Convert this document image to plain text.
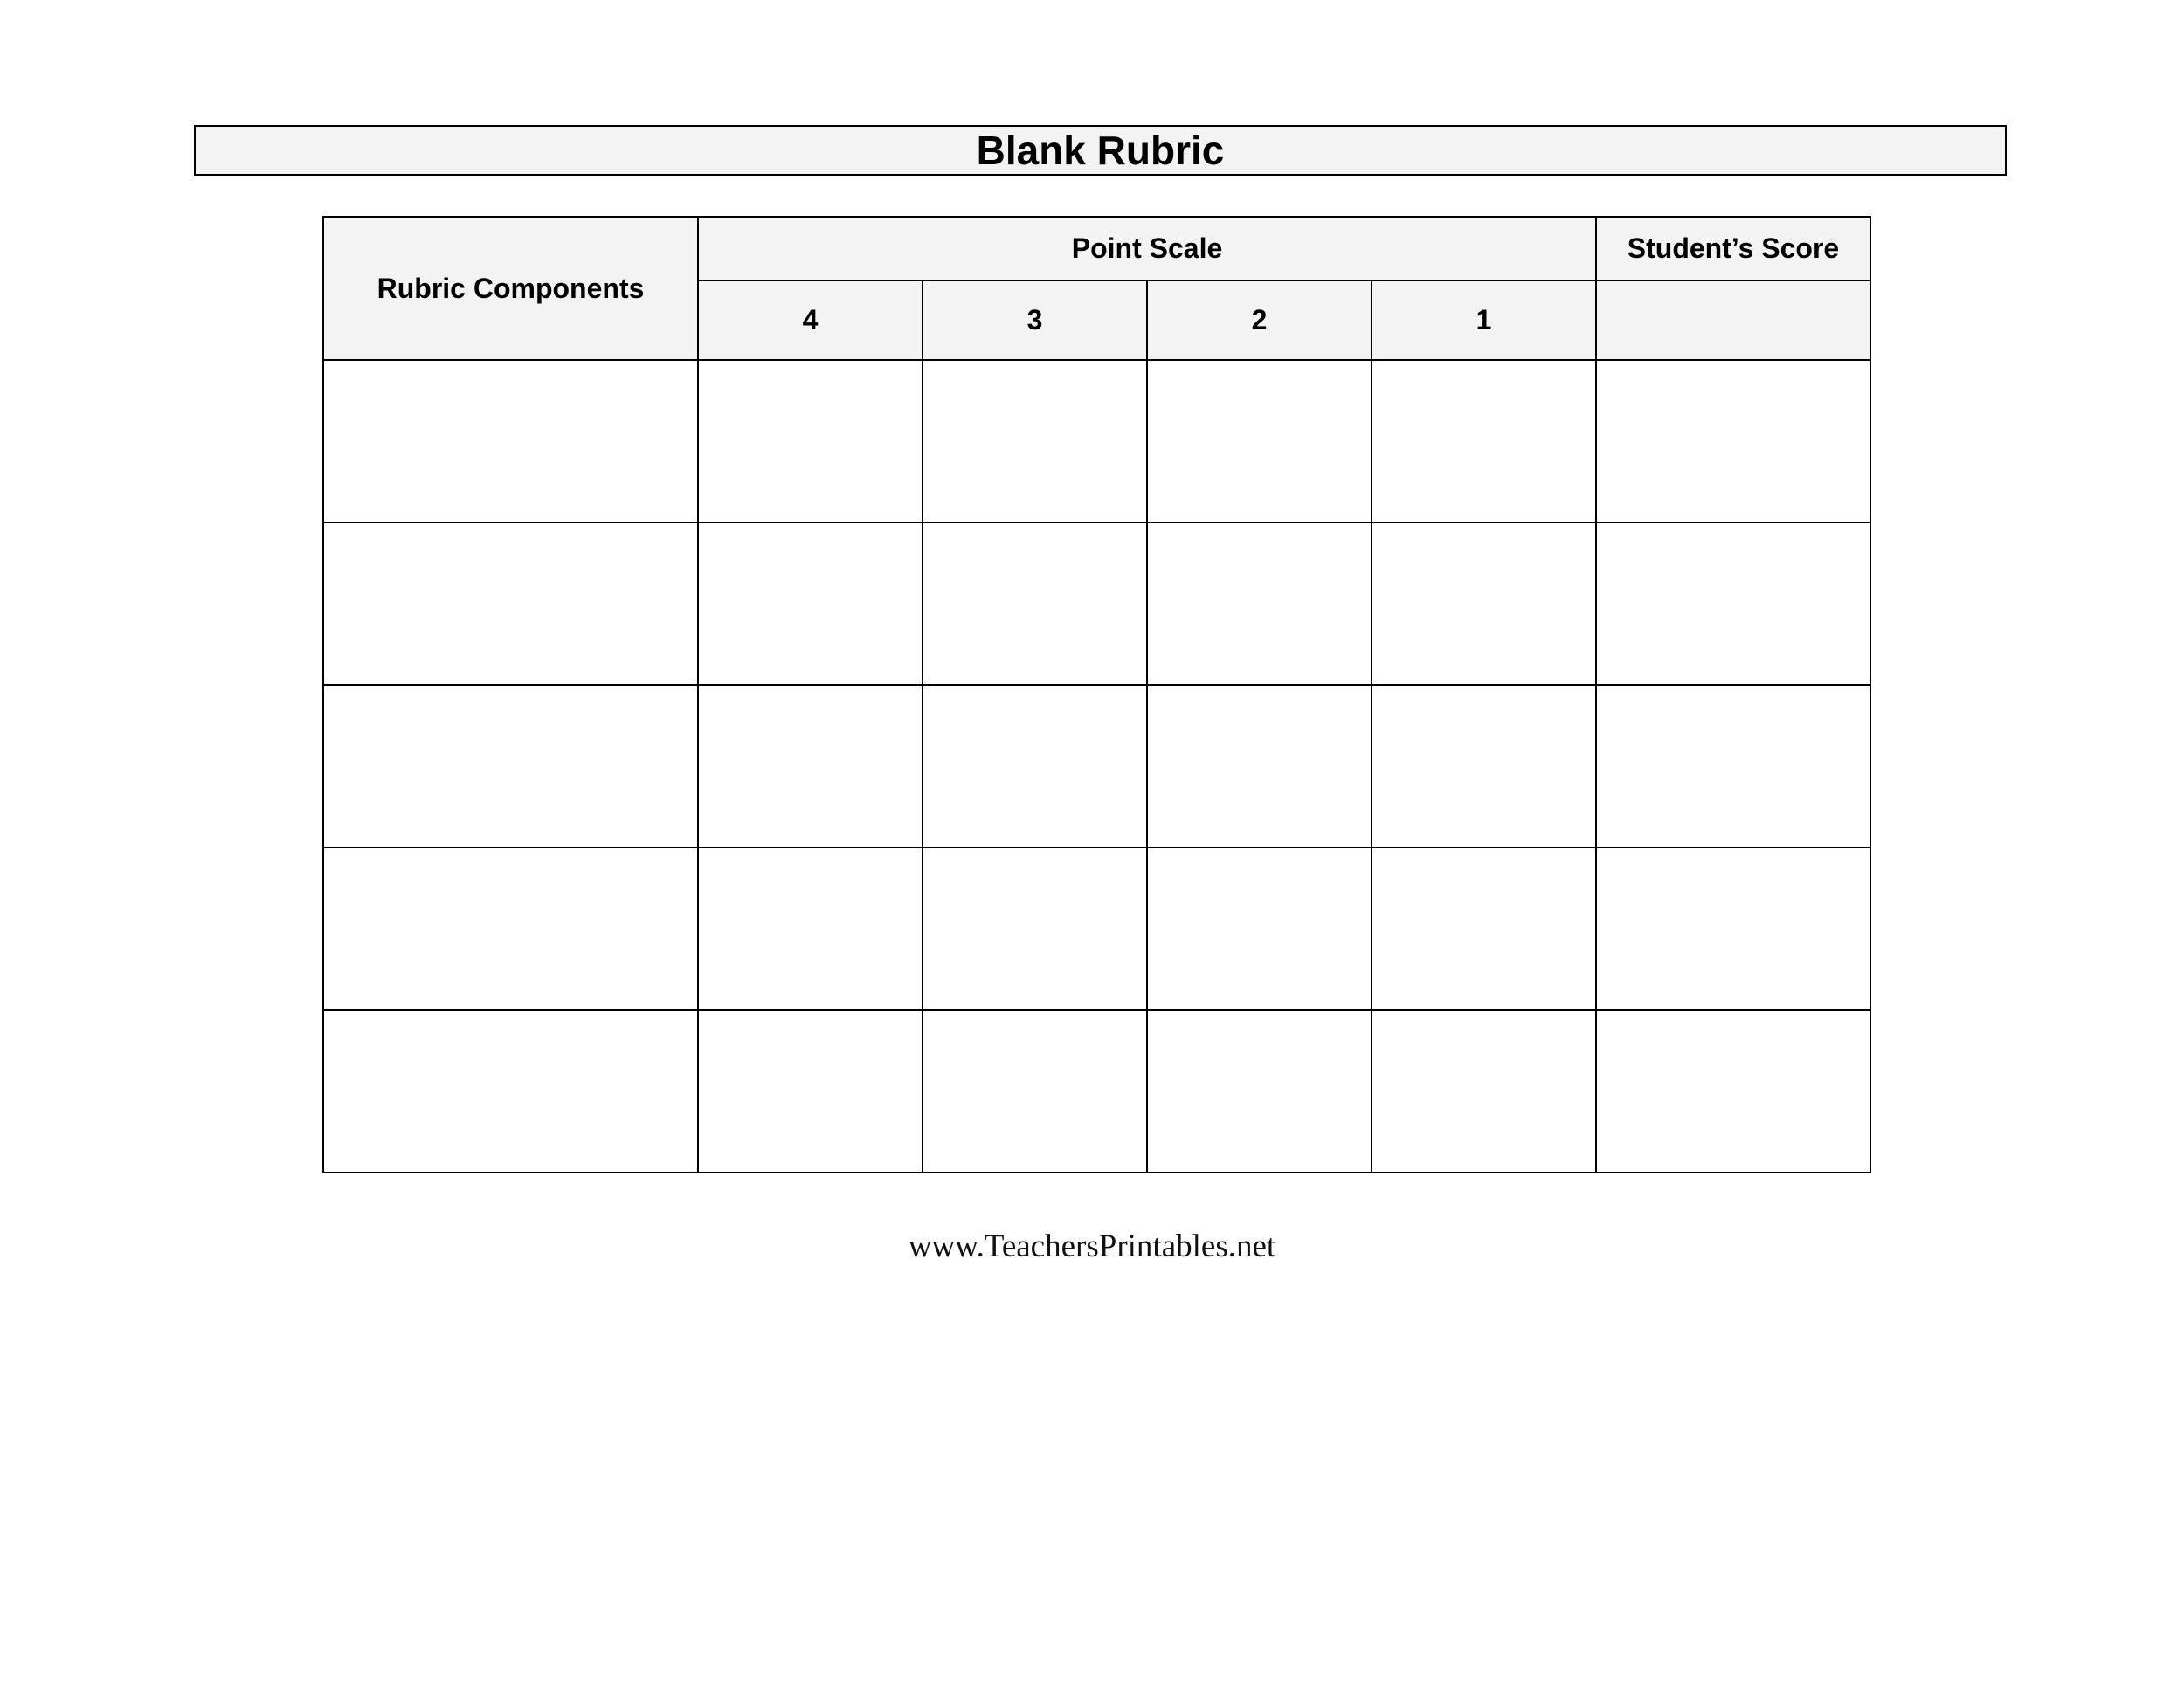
Blank Rubric
Rubric Components	Point Scale				Student’s Score
	4	3	2	1	

www.TeachersPrintables.net
